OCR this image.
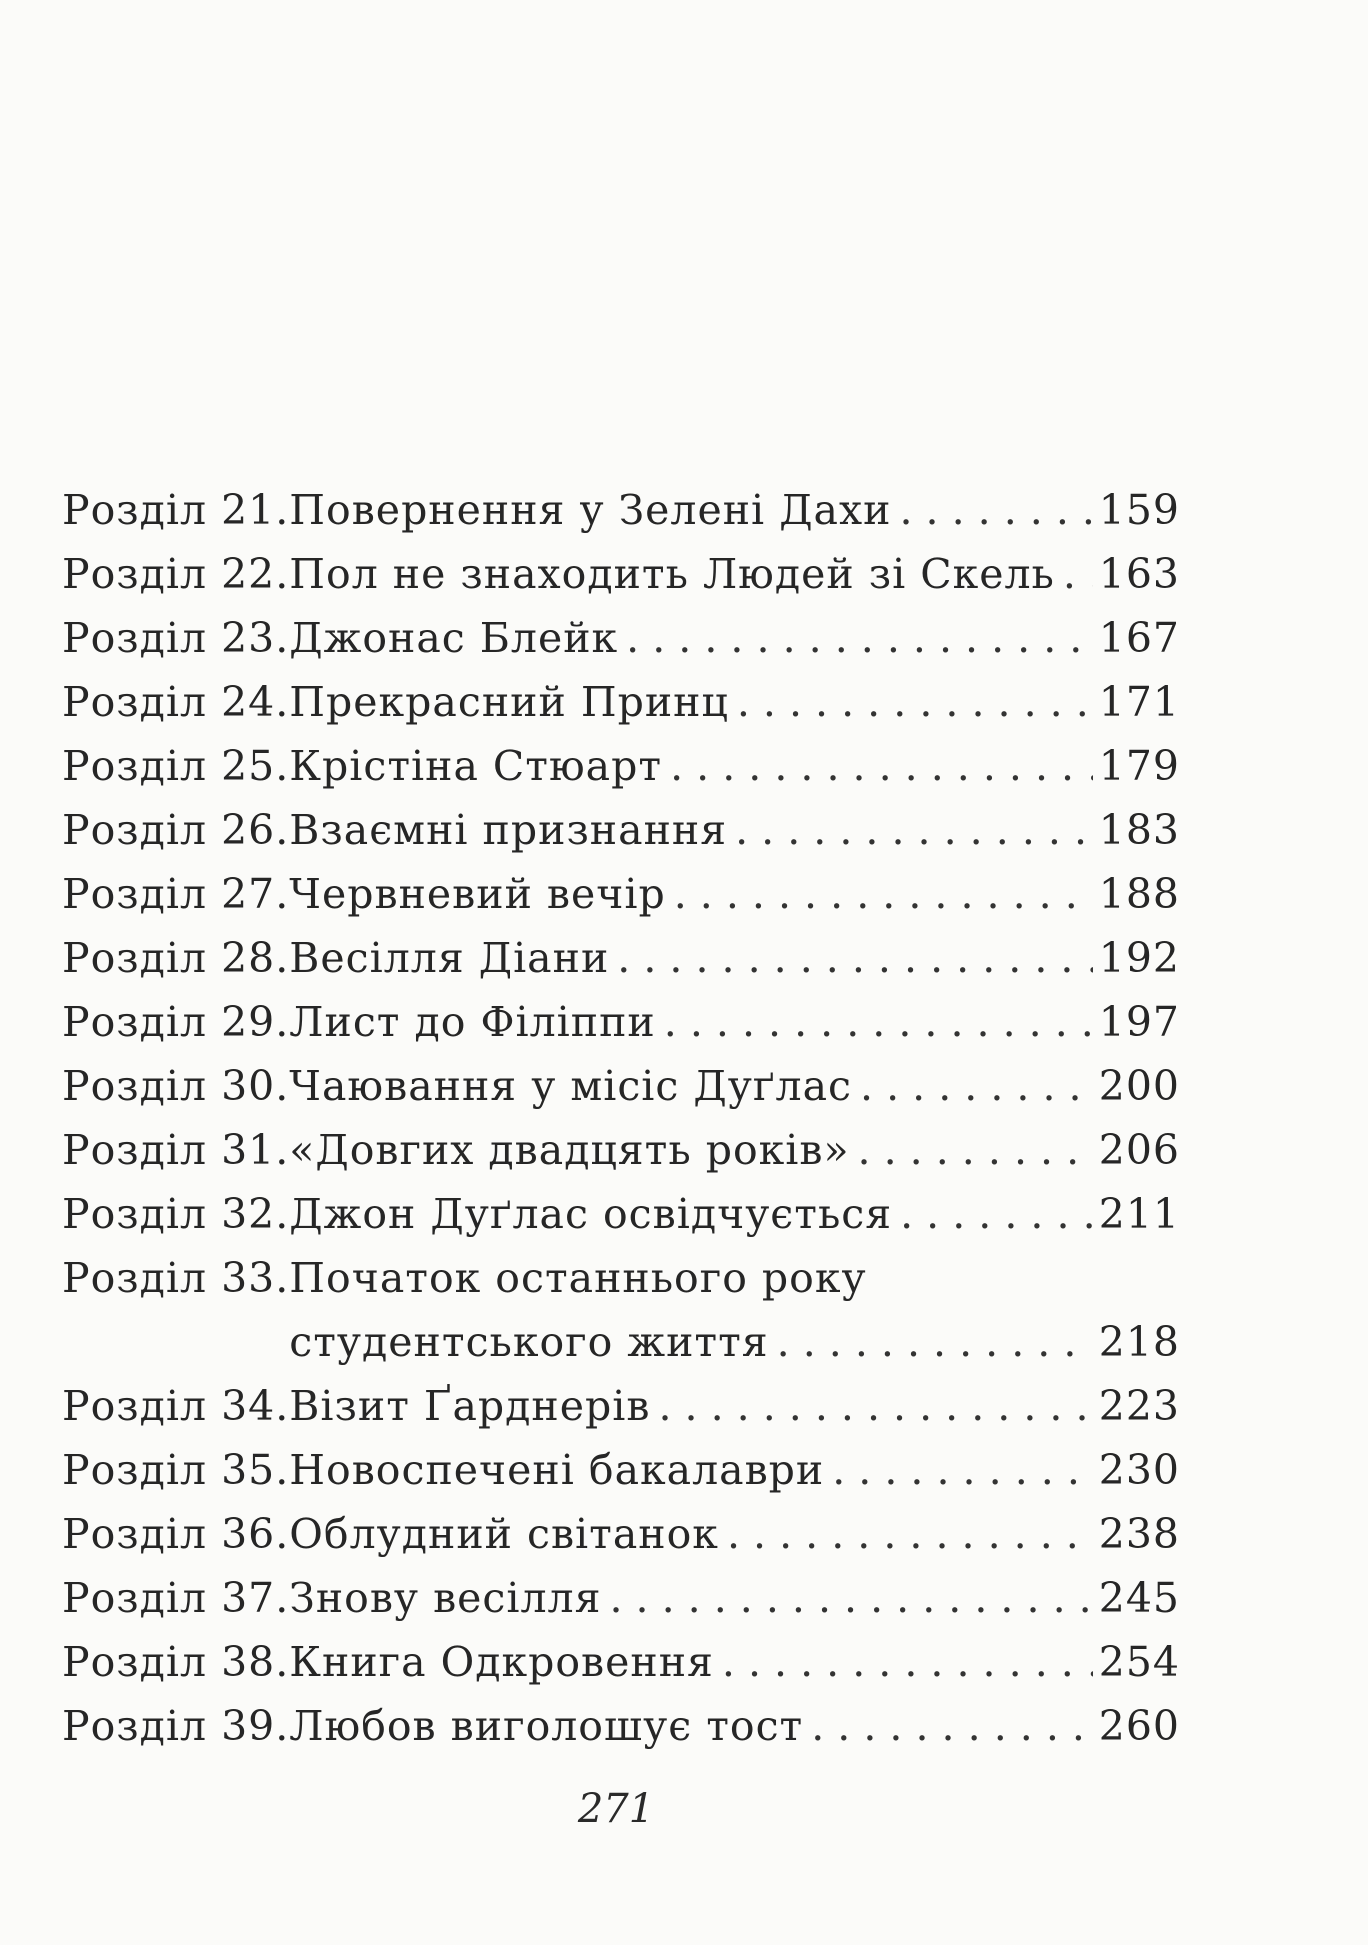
Розділ 21. Повернення у Зелені Дахи . . .	159
Розділ 22. Пол не знаходить Людей зі Скель . . . 163
Розділ 23. Джонас Блейк . . .	167
Розділ 24. Прекрасний Принц . . .	171
Розділ 25. Крістіна Стюарт . . .	179
Розділ 26. Взаємні признання . . .	183
Розділ 27. Червневий вечір . . .	188
Розділ 28. Весілля Діани . . .	192
Розділ 29. Лист до Філіппи . . .	197
Розділ 30. Чаювання у місіс Дуґлас . . .	200
Розділ 31. «Довгих двадцять років» . . .	206
Розділ 32. Джон Дуґлас освідчується . . .	211
Розділ 33. Початок останнього року
студентського життя . . .	218
Розділ 34. Візит Ґарднерів . . .	223
Розділ 35. Новоспечені бакалаври . . .	230
Розділ 36. Облудний світанок . . .	238
Розділ 37. Знову весілля . . .	245
Розділ 38. Книга Одкровення . . .	254
Розділ 39. Любов виголошує тост . . .	260
271
